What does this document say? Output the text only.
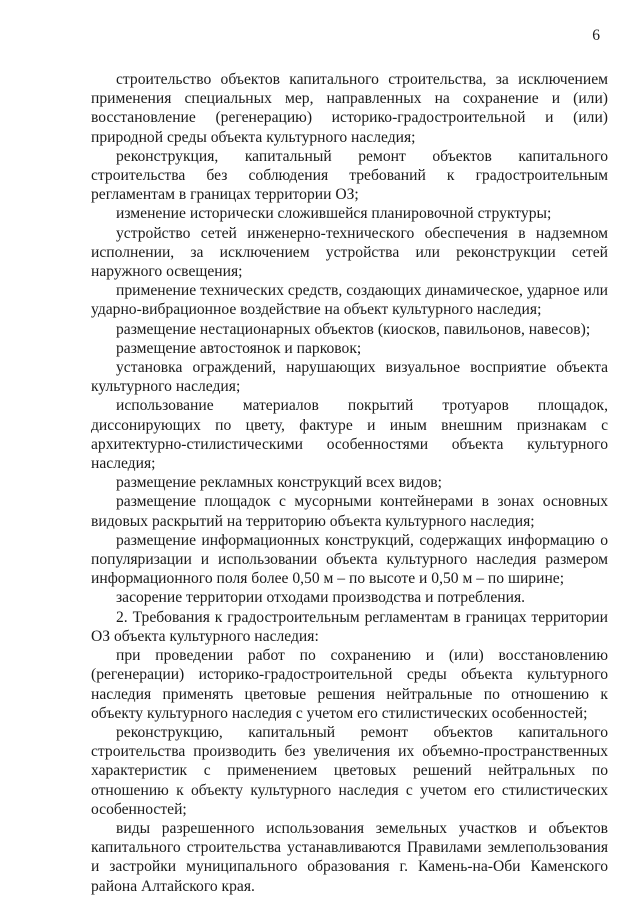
6

строительство объектов капитального строительства, за исключением применения специальных мер, направленных на сохранение и (или) восстановление (регенерацию) историко-градостроительной и (или) природной среды объекта культурного наследия;

реконструкция, капитальный ремонт объектов капитального строительства без соблюдения требований к градостроительным регламентам в границах территории ОЗ;

изменение исторически сложившейся планировочной структуры;

устройство сетей инженерно-технического обеспечения в надземном исполнении, за исключением устройства или реконструкции сетей наружного освещения;

применение технических средств, создающих динамическое, ударное или ударно-вибрационное воздействие на объект культурного наследия;

размещение нестационарных объектов (киосков, павильонов, навесов);

размещение автостоянок и парковок;

установка ограждений, нарушающих визуальное восприятие объекта культурного наследия;

использование материалов покрытий тротуаров площадок, диссонирующих по цвету, фактуре и иным внешним признакам с архитектурно-стилистическими особенностями объекта культурного наследия;

размещение рекламных конструкций всех видов;

размещение площадок с мусорными контейнерами в зонах основных видовых раскрытий на территорию объекта культурного наследия;

размещение информационных конструкций, содержащих информацию о популяризации и использовании объекта культурного наследия размером информационного поля более 0,50 м – по высоте и 0,50 м – по ширине;

засорение территории отходами производства и потребления.

2. Требования к градостроительным регламентам в границах территории ОЗ объекта культурного наследия:

при проведении работ по сохранению и (или) восстановлению (регенерации) историко-градостроительной среды объекта культурного наследия применять цветовые решения нейтральные по отношению к объекту культурного наследия с учетом его стилистических особенностей;

реконструкцию, капитальный ремонт объектов капитального строительства производить без увеличения их объемно-пространственных характеристик с применением цветовых решений нейтральных по отношению к объекту культурного наследия с учетом его стилистических особенностей;

виды разрешенного использования земельных участков и объектов капитального строительства устанавливаются Правилами землепользования и застройки муниципального образования г. Камень-на-Оби Каменского района Алтайского края.
